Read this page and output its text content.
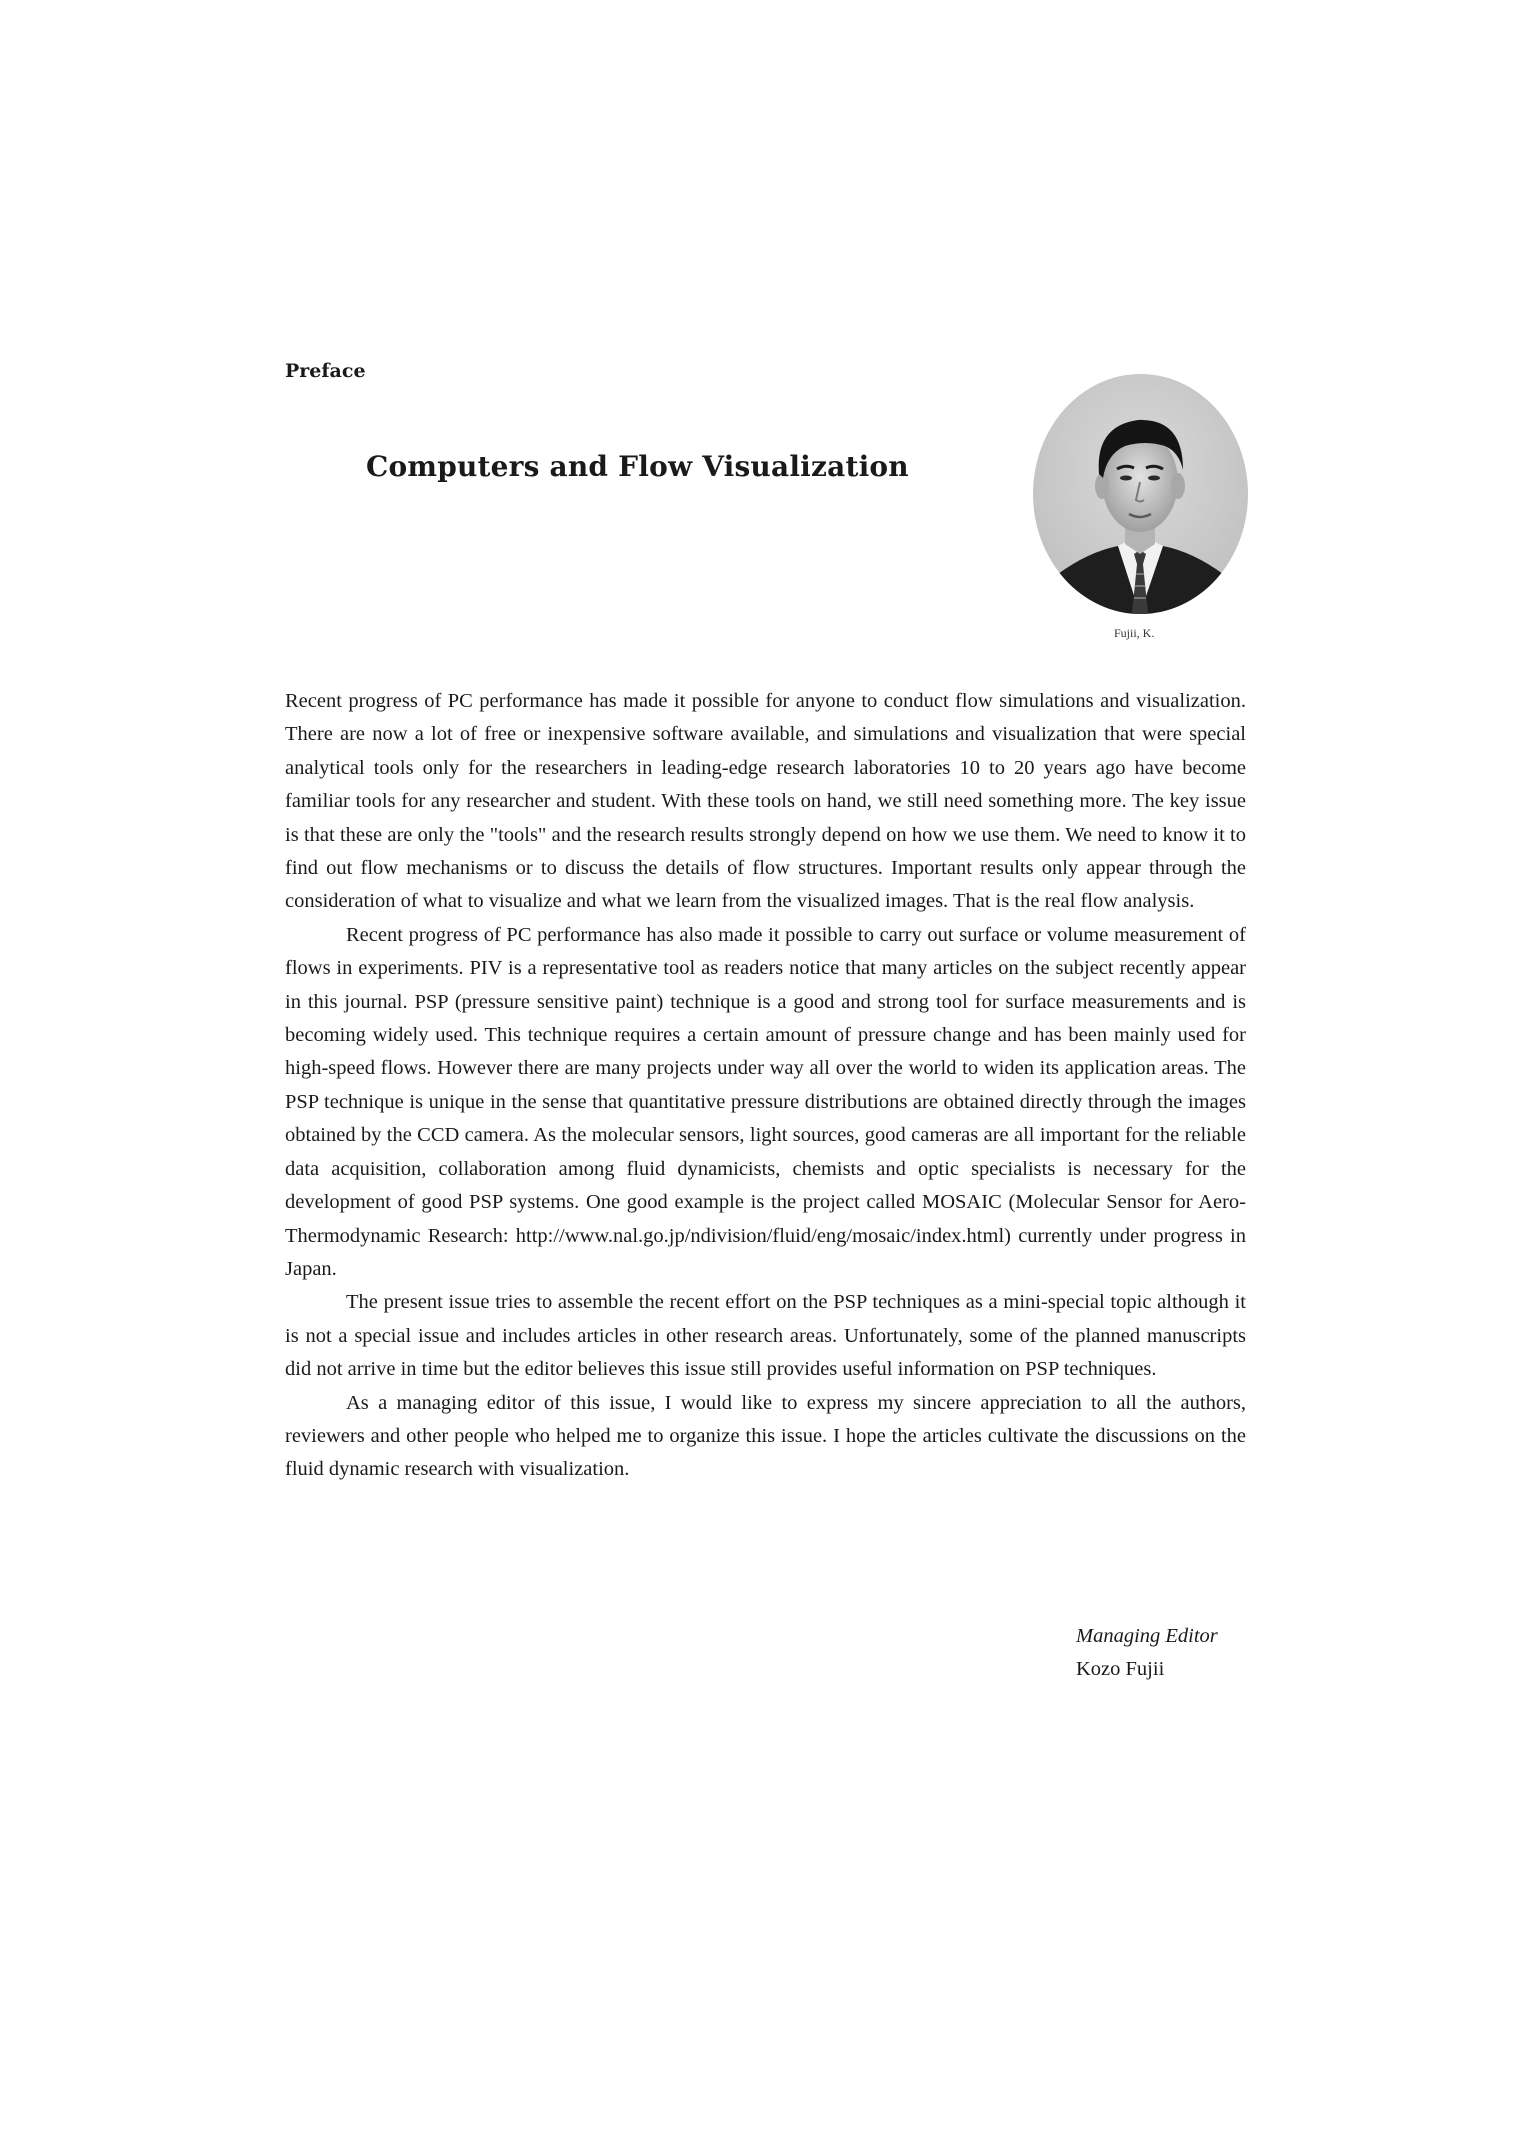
Preface
Computers and Flow Visualization
Fujii, K.

Recent progress of PC performance has made it possible for anyone to conduct flow simulations and visualization. There are now a lot of free or inexpensive software available, and simulations and visualization that were special analytical tools only for the researchers in leading-edge research laboratories 10 to 20 years ago have become familiar tools for any researcher and student. With these tools on hand, we still need something more. The key issue is that these are only the "tools" and the research results strongly depend on how we use them. We need to know it to find out flow mechanisms or to discuss the details of flow structures. Important results only appear through the consideration of what to visualize and what we learn from the visualized images. That is the real flow analysis.

Recent progress of PC performance has also made it possible to carry out surface or volume measurement of flows in experiments. PIV is a representative tool as readers notice that many articles on the subject recently appear in this journal. PSP (pressure sensitive paint) technique is a good and strong tool for surface measurements and is becoming widely used. This technique requires a certain amount of pressure change and has been mainly used for high-speed flows. However there are many projects under way all over the world to widen its application areas. The PSP technique is unique in the sense that quantitative pressure distributions are obtained directly through the images obtained by the CCD camera. As the molecular sensors, light sources, good cameras are all important for the reliable data acquisition, collaboration among fluid dynamicists, chemists and optic specialists is necessary for the development of good PSP systems. One good example is the project called MOSAIC (Molecular Sensor for Aero-Thermodynamic Research: http://www.nal.go.jp/ndivision/fluid/eng/mosaic/index.html) currently under progress in Japan.

The present issue tries to assemble the recent effort on the PSP techniques as a mini-special topic although it is not a special issue and includes articles in other research areas. Unfortunately, some of the planned manuscripts did not arrive in time but the editor believes this issue still provides useful information on PSP techniques.

As a managing editor of this issue, I would like to express my sincere appreciation to all the authors, reviewers and other people who helped me to organize this issue. I hope the articles cultivate the discussions on the fluid dynamic research with visualization.

Managing Editor
Kozo Fujii
